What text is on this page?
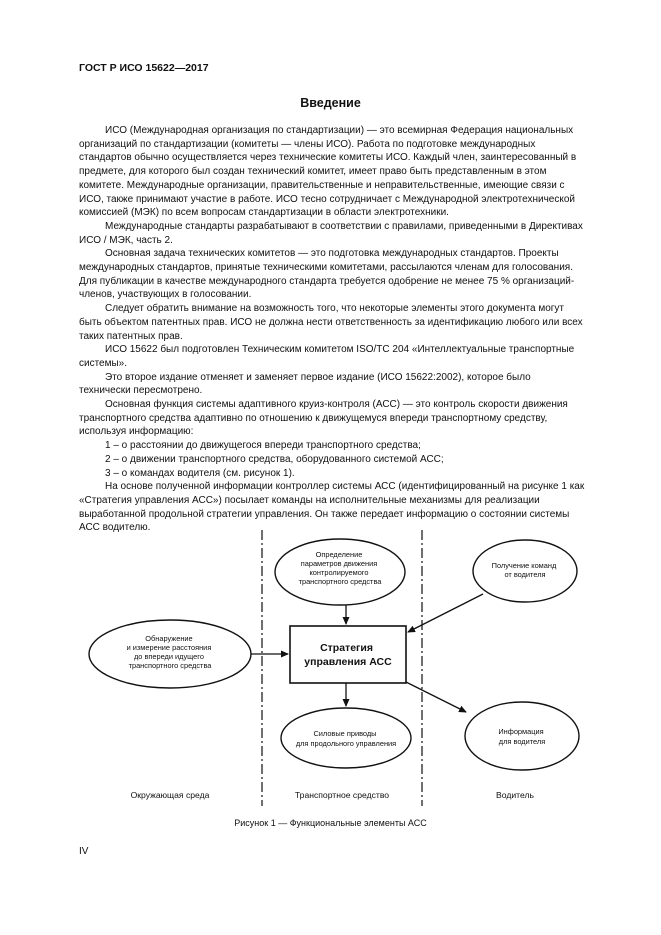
ГОСТ Р ИСО 15622—2017
Введение

ИСО (Международная организация по стандартизации) — это всемирная Федерация национальных организаций по стандартизации (комитеты — члены ИСО). Работа по подготовке международных стандартов обычно осуществляется через технические комитеты ИСО. Каждый член, заинтересованный в предмете, для которого был создан технический комитет, имеет право быть представленным в этом комитете. Международные организации, правительственные и неправительственные, имеющие связи с ИСО, также принимают участие в работе. ИСО тесно сотрудничает с Международной электротехнической комиссией (МЭК) по всем вопросам стандартизации в области электротехники.

Международные стандарты разрабатывают в соответствии с правилами, приведенными в Директивах ИСО / МЭК, часть 2.

Основная задача технических комитетов — это подготовка международных стандартов. Проекты международных стандартов, принятые техническими комитетами, рассылаются членам для голосования. Для публикации в качестве международного стандарта требуется одобрение не менее 75 % организаций-членов, участвующих в голосовании.

Следует обратить внимание на возможность того, что некоторые элементы этого документа могут быть объектом патентных прав. ИСО не должна нести ответственность за идентификацию любого или всех таких патентных прав.

ИСО 15622 был подготовлен Техническим комитетом ISO/TC 204 «Интеллектуальные транспортные системы».

Это второе издание отменяет и заменяет первое издание (ИСО 15622:2002), которое было технически пересмотрено.

Основная функция системы адаптивного круиз-контроля (АСС) — это контроль скорости движения транспортного средства адаптивно по отношению к движущемуся впереди транспортному средству, используя информацию:

1 – о расстоянии до движущегося впереди транспортного средства;

2 – о движении транспортного средства, оборудованного системой АСС;

3 – о командах водителя (см. рисунок 1).

На основе полученной информации контроллер системы АСС (идентифицированный на рисунке 1 как «Стратегия управления АСС») посылает команды на исполнительные механизмы для реализации выработанной продольной стратегии управления. Он также передает информацию о состоянии системы АСС водителю.

Определение параметров движения контролируемого транспортного средства
Получение команд от водителя
Обнаружение и измерение расстояния до впереди идущего транспортного средства
Стратегия управления АСС
Силовые приводы для продольного управления
Информация для водителя
Окружающая среда	Транспортное средство	Водитель
Рисунок 1 — Функциональные элементы АСС
IV
